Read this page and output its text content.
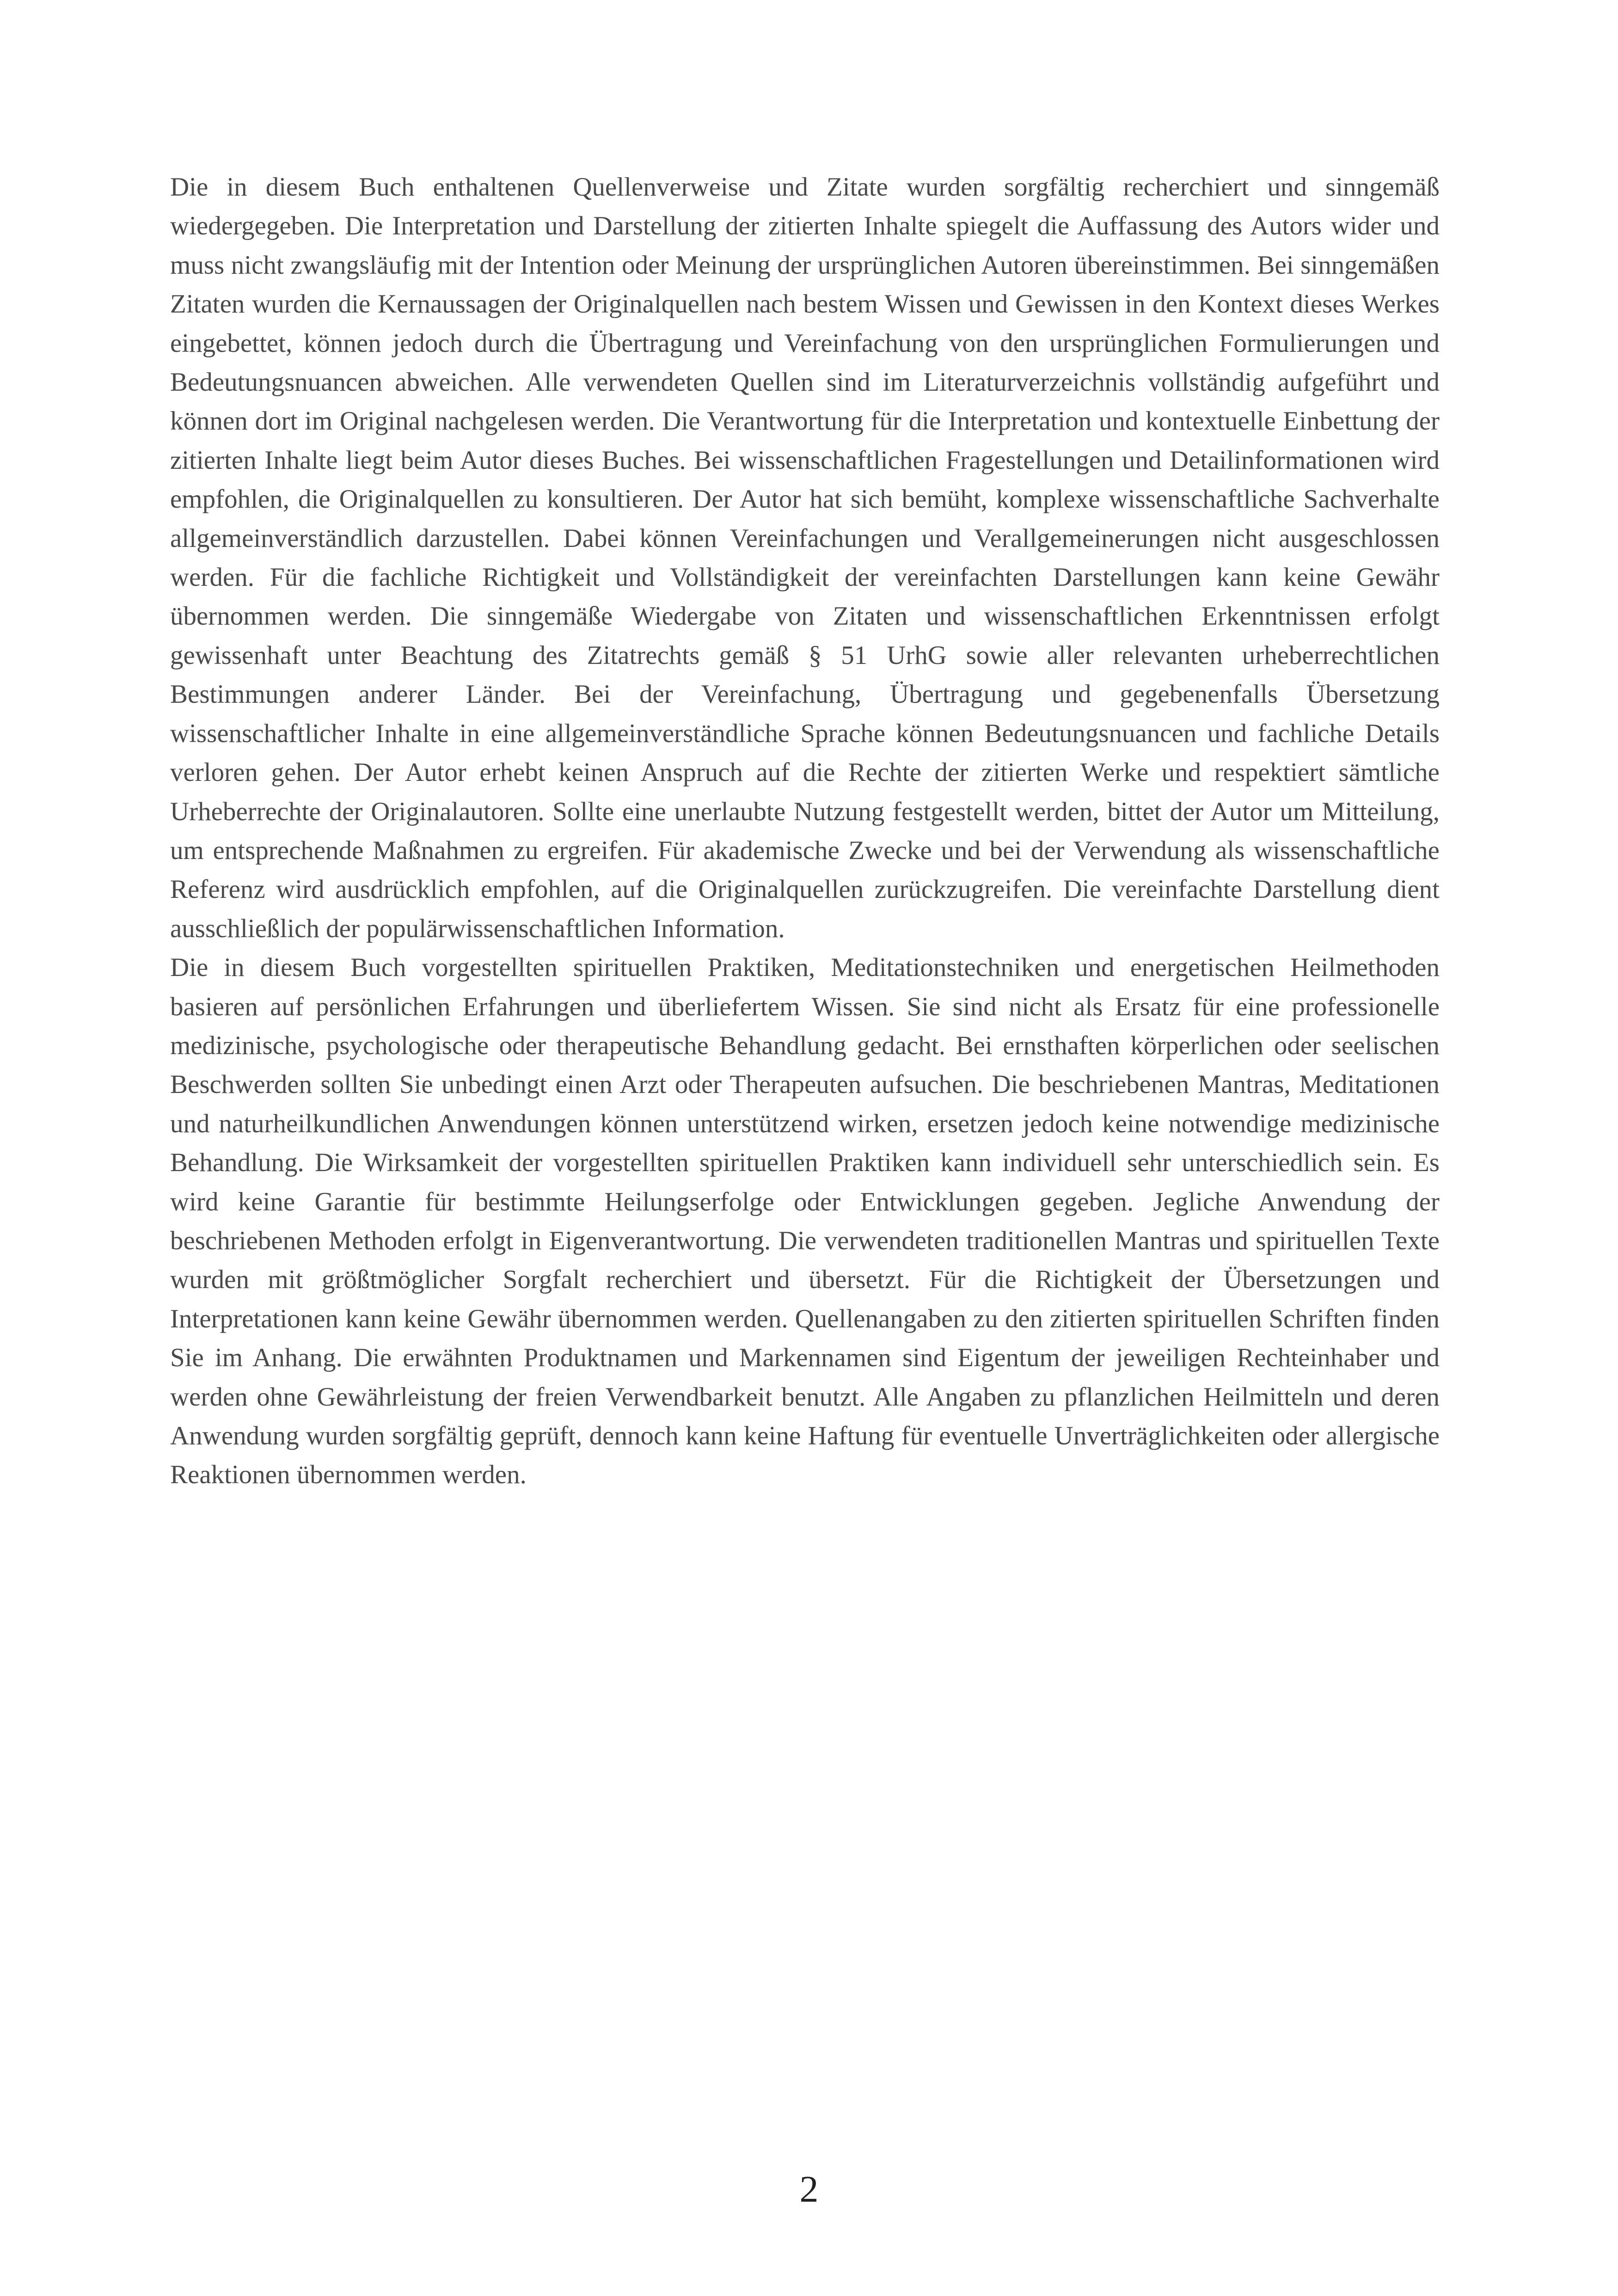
Die in diesem Buch enthaltenen Quellenverweise und Zitate wurden sorgfältig recherchiert und sinngemäß wiedergegeben. Die Interpretation und Darstellung der zitierten Inhalte spiegelt die Auffassung des Autors wider und muss nicht zwangsläufig mit der Intention oder Meinung der ursprünglichen Autoren übereinstimmen. Bei sinngemäßen Zitaten wurden die Kernaussagen der Originalquellen nach bestem Wissen und Gewissen in den Kontext dieses Werkes eingebettet, können jedoch durch die Übertragung und Vereinfachung von den ursprünglichen Formulierungen und Bedeutungsnuancen abweichen. Alle verwendeten Quellen sind im Literaturverzeichnis vollständig aufgeführt und können dort im Original nachgelesen werden. Die Verantwortung für die Interpretation und kontextuelle Einbettung der zitierten Inhalte liegt beim Autor dieses Buches. Bei wissenschaftlichen Fragestellungen und Detailinformationen wird empfohlen, die Originalquellen zu konsultieren. Der Autor hat sich bemüht, komplexe wissenschaftliche Sachverhalte allgemeinverständlich darzustellen. Dabei können Vereinfachungen und Verallgemeinerungen nicht ausgeschlossen werden. Für die fachliche Richtigkeit und Vollständigkeit der vereinfachten Darstellungen kann keine Gewähr übernommen werden. Die sinngemäße Wiedergabe von Zitaten und wissenschaftlichen Erkenntnissen erfolgt gewissenhaft unter Beachtung des Zitatrechts gemäß § 51 UrhG sowie aller relevanten urheberrechtlichen Bestimmungen anderer Länder. Bei der Vereinfachung, Übertragung und gegebenenfalls Übersetzung wissenschaftlicher Inhalte in eine allgemeinverständliche Sprache können Bedeutungsnuancen und fachliche Details verloren gehen. Der Autor erhebt keinen Anspruch auf die Rechte der zitierten Werke und respektiert sämtliche Urheberrechte der Originalautoren. Sollte eine unerlaubte Nutzung festgestellt werden, bittet der Autor um Mitteilung, um entsprechende Maßnahmen zu ergreifen. Für akademische Zwecke und bei der Verwendung als wissenschaftliche Referenz wird ausdrücklich empfohlen, auf die Originalquellen zurückzugreifen. Die vereinfachte Darstellung dient ausschließlich der populärwissenschaftlichen Information.

Die in diesem Buch vorgestellten spirituellen Praktiken, Meditationstechniken und energetischen Heilmethoden basieren auf persönlichen Erfahrungen und überliefertem Wissen. Sie sind nicht als Ersatz für eine professionelle medizinische, psychologische oder therapeutische Behandlung gedacht. Bei ernsthaften körperlichen oder seelischen Beschwerden sollten Sie unbedingt einen Arzt oder Therapeuten aufsuchen. Die beschriebenen Mantras, Meditationen und naturheilkundlichen Anwendungen können unterstützend wirken, ersetzen jedoch keine notwendige medizinische Behandlung. Die Wirksamkeit der vorgestellten spirituellen Praktiken kann individuell sehr unterschiedlich sein. Es wird keine Garantie für bestimmte Heilungserfolge oder Entwicklungen gegeben. Jegliche Anwendung der beschriebenen Methoden erfolgt in Eigenverantwortung. Die verwendeten traditionellen Mantras und spirituellen Texte wurden mit größtmöglicher Sorgfalt recherchiert und übersetzt. Für die Richtigkeit der Übersetzungen und Interpretationen kann keine Gewähr übernommen werden. Quellenangaben zu den zitierten spirituellen Schriften finden Sie im Anhang. Die erwähnten Produktnamen und Markennamen sind Eigentum der jeweiligen Rechteinhaber und werden ohne Gewährleistung der freien Verwendbarkeit benutzt. Alle Angaben zu pflanzlichen Heilmitteln und deren Anwendung wurden sorgfältig geprüft, dennoch kann keine Haftung für eventuelle Unverträglichkeiten oder allergische Reaktionen übernommen werden.

2
